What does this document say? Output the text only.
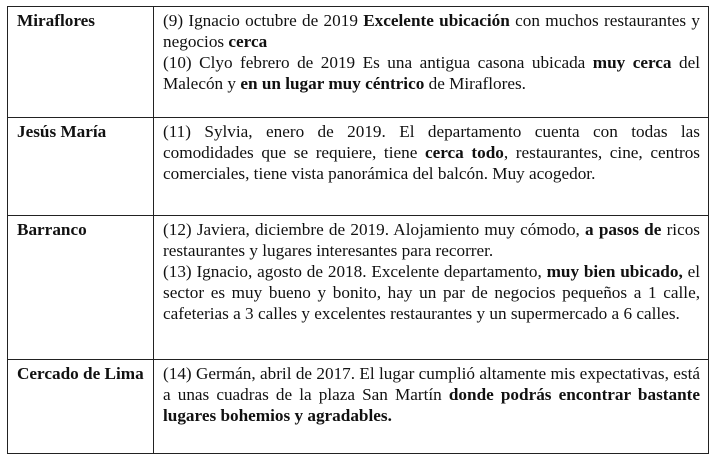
Miraflores	(9) Ignacio octubre de 2019 Excelente ubicación con muchos restaurantes y negocios cerca
(10) Clyo febrero de 2019 Es una antigua casona ubicada muy cerca del Malecón y en un lugar muy céntrico de Miraflores.

Jesús María	(11) Sylvia, enero de 2019. El departamento cuenta con todas las comodidades que se requiere, tiene cerca todo, restaurantes, cine, centros comerciales, tiene vista panorámica del balcón. Muy acogedor.

Barranco	(12) Javiera, diciembre de 2019. Alojamiento muy cómodo, a pasos de ricos restaurantes y lugares interesantes para recorrer.
(13) Ignacio, agosto de 2018. Excelente departamento, muy bien ubicado, el sector es muy bueno y bonito, hay un par de negocios pequeños a 1 calle, cafeterias a 3 calles y excelentes restaurantes y un supermercado a 6 calles.

Cercado de Lima	(14) Germán, abril de 2017. El lugar cumplió altamente mis expectativas, está a unas cuadras de la plaza San Martín donde podrás encontrar bastante lugares bohemios y agradables.
